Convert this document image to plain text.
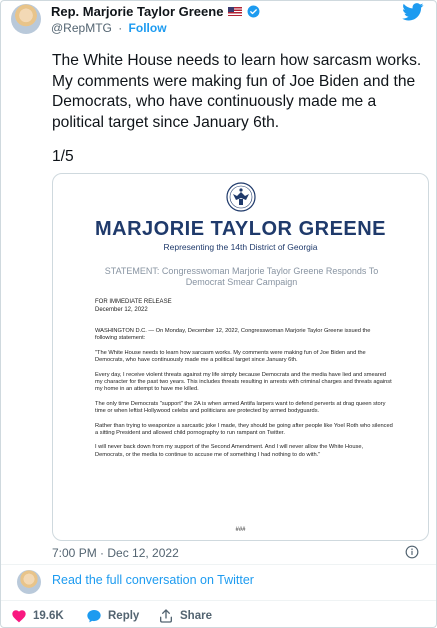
Rep. Marjorie Taylor Greene
@RepMTG · Follow
The White House needs to learn how sarcasm works. My comments were making fun of Joe Biden and the Democrats, who have continuously made me a political target since January 6th.
1/5
MARJORIE TAYLOR GREENE
Representing the 14th District of Georgia
STATEMENT: Congresswoman Marjorie Taylor Greene Responds To Democrat Smear Campaign
FOR IMMEDIATE RELEASE
December 12, 2022

WASHINGTON D.C. — On Monday, December 12, 2022, Congresswoman Marjorie Taylor Greene issued the following statement:

"The White House needs to learn how sarcasm works. My comments were making fun of Joe Biden and the Democrats, who have continuously made me a political target since January 6th.

Every day, I receive violent threats against my life simply because Democrats and the media have lied and smeared my character for the past two years. This includes threats resulting in arrests with criminal charges and threats against my home in an attempt to have me killed.

The only time Democrats "support" the 2A is when armed Antifa larpers want to defend perverts at drag queen story time or when leftist Hollywood celebs and politicians are protected by armed bodyguards.

Rather than trying to weaponize a sarcastic joke I made, they should be going after people like Yoel Roth who silenced a sitting President and allowed child pornography to run rampant on Twitter.

I will never back down from my support of the Second Amendment. And I will never allow the White House, Democrats, or the media to continue to accuse me of something I had nothing to do with."

###
7:00 PM · Dec 12, 2022
Read the full conversation on Twitter
19.6K	Reply	Share
